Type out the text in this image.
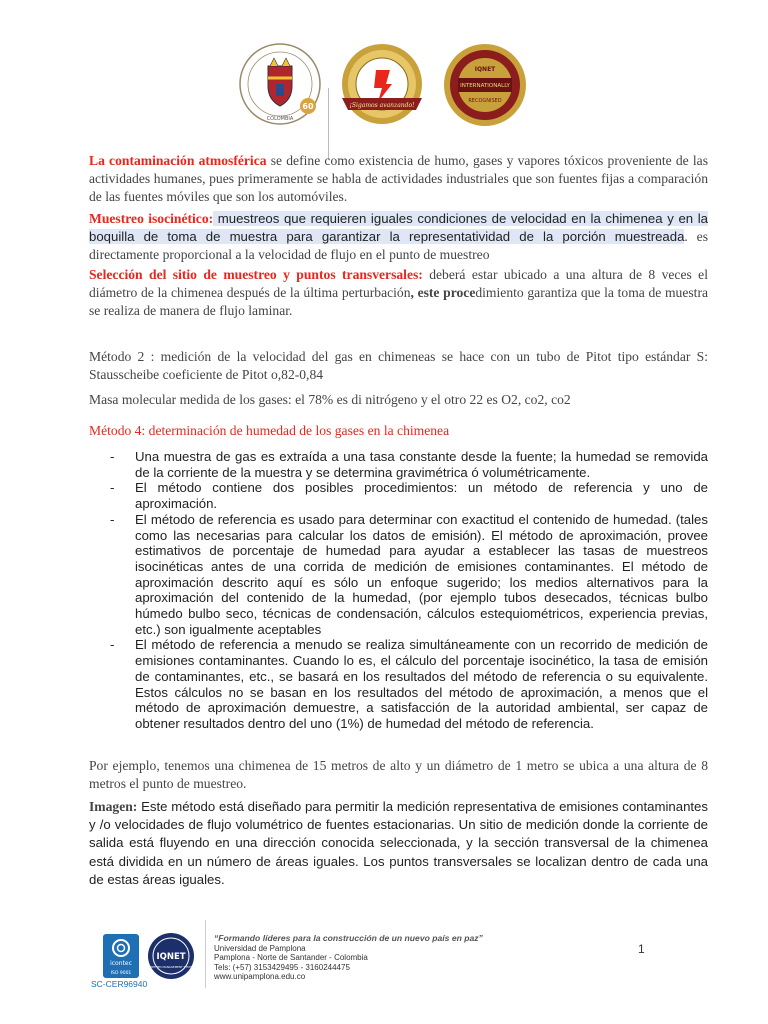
COLOMBIA
60	¡Sigamos avanzando!
INTERNATIONALLY
IQNET
RECOGNISED

La contaminación atmosférica se define como existencia de humo, gases y vapores tóxicos proveniente de las actividades humanes, pues primeramente se habla de actividades industriales que son fuentes fijas a comparación de las fuentes móviles que son los automóviles.

Muestreo isocinético: muestreos que requieren iguales condiciones de velocidad en la chimenea y en la boquilla de toma de muestra para garantizar la representatividad de la porción muestreada. es directamente proporcional a la velocidad de flujo en el punto de muestreo

Selección del sitio de muestreo y puntos transversales: deberá estar ubicado a una altura de 8 veces el diámetro de la chimenea después de la última perturbación, este procedimiento garantiza que la toma de muestra se realiza de manera de flujo laminar.

Método 2 : medición de la velocidad del gas en chimeneas se hace con un tubo de Pitot tipo estándar S: Stausscheibe coeficiente de Pitot o,82-0,84

Masa molecular medida de los gases: el 78% es di nitrógeno y el otro 22 es O2, co2, co2

Método 4: determinación de humedad de los gases en la chimenea

- Una muestra de gas es extraída a una tasa constante desde la fuente; la humedad se removida de la corriente de la muestra y se determina gravimétrica ó volumétricamente.
- El método contiene dos posibles procedimientos: un método de referencia y uno de aproximación.
- El método de referencia es usado para determinar con exactitud el contenido de humedad. (tales como las necesarias para calcular los datos de emisión). El método de aproximación, provee estimativos de porcentaje de humedad para ayudar a establecer las tasas de muestreos isocinéticas antes de una corrida de medición de emisiones contaminantes. El método de aproximación descrito aquí es sólo un enfoque sugerido; los medios alternativos para la aproximación del contenido de la humedad, (por ejemplo tubos desecados, técnicas bulbo húmedo bulbo seco, técnicas de condensación, cálculos estequiométricos, experiencia previas, etc.) son igualmente aceptables
- El método de referencia a menudo se realiza simultáneamente con un recorrido de medición de emisiones contaminantes. Cuando lo es, el cálculo del porcentaje isocinético, la tasa de emisión de contaminantes, etc., se basará en los resultados del método de referencia o su equivalente. Estos cálculos no se basan en los resultados del método de aproximación, a menos que el método de aproximación demuestre, a satisfacción de la autoridad ambiental, ser capaz de obtener resultados dentro del uno (1%) de humedad del método de referencia.

Por ejemplo, tenemos una chimenea de 15 metros de alto y un diámetro de 1 metro se ubica a una altura de 8 metros el punto de muestreo.

Imagen: Este método está diseñado para permitir la medición representativa de emisiones contaminantes y /o velocidades de flujo volumétrico de fuentes estacionarias. Un sitio de medición donde la corriente de salida está fluyendo en una dirección conocida seleccionada, y la sección transversal de la chimenea está dividida en un número de áreas iguales. Los puntos transversales se localizan dentro de cada una de estas áreas iguales.

icontec
ISO 9001
IQNET
CERTIFIED MANAGEMENT SYSTEM
SC-CER96940
“Formando líderes para la construcción de un nuevo país en paz”
Universidad de Pamplona
Pamplona - Norte de Santander - Colombia
Tels: (+57) 3153429495 - 3160244475
www.unipamplona.edu.co
1
